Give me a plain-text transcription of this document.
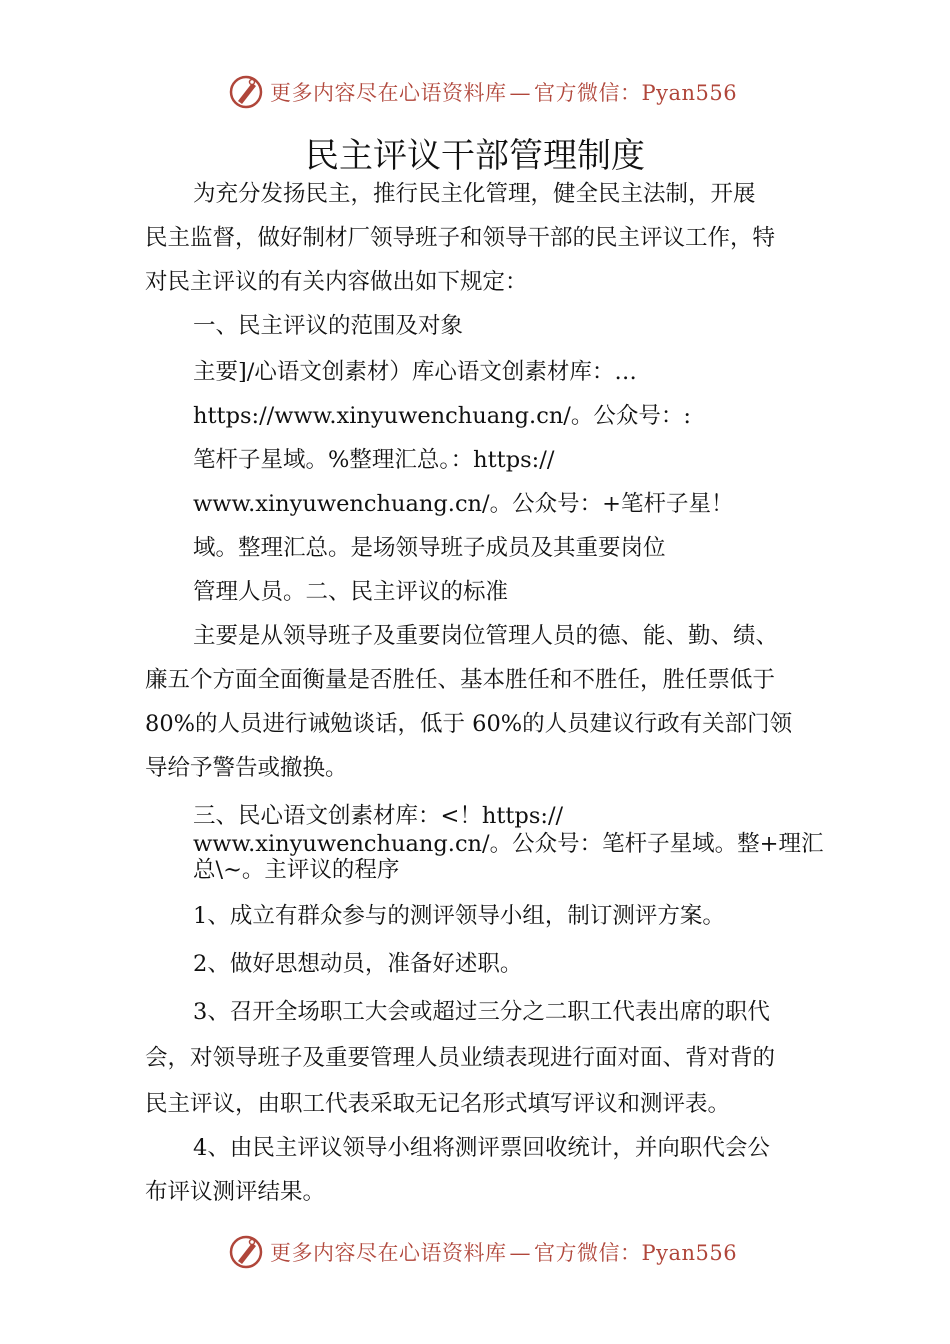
更多内容尽在心语资料库 — 官方微信：Pyan556
民主评议干部管理制度

为充分发扬民主，推行民主化管理，健全民主法制，开展

民主监督，做好制材厂领导班子和领导干部的民主评议工作，特

对民主评议的有关内容做出如下规定：

一、民主评议的范围及对象

主要]/心语文创素材）库心语文创素材库：…

https://www.xinyuwenchuang.cn/。公众号：:

笔杆子星域。%整理汇总。：https://

www.xinyuwenchuang.cn/。公众号：+笔杆子星！

域。整理汇总。是场领导班子成员及其重要岗位

管理人员。二、民主评议的标准

主要是从领导班子及重要岗位管理人员的德、能、勤、绩、

廉五个方面全面衡量是否胜任、基本胜任和不胜任，胜任票低于

80%的人员进行诫勉谈话，低于 60%的人员建议行政有关部门领

导给予警告或撤换。

三、民心语文创素材库：<！https://

www.xinyuwenchuang.cn/。公众号：笔杆子星域。整+理汇

总\~。主评议的程序

1、成立有群众参与的测评领导小组，制订测评方案。

2、做好思想动员，准备好述职。

3、召开全场职工大会或超过三分之二职工代表出席的职代

会，对领导班子及重要管理人员业绩表现进行面对面、背对背的

民主评议，由职工代表采取无记名形式填写评议和测评表。

4、由民主评议领导小组将测评票回收统计，并向职代会公

布评议测评结果。

更多内容尽在心语资料库 — 官方微信：Pyan556
